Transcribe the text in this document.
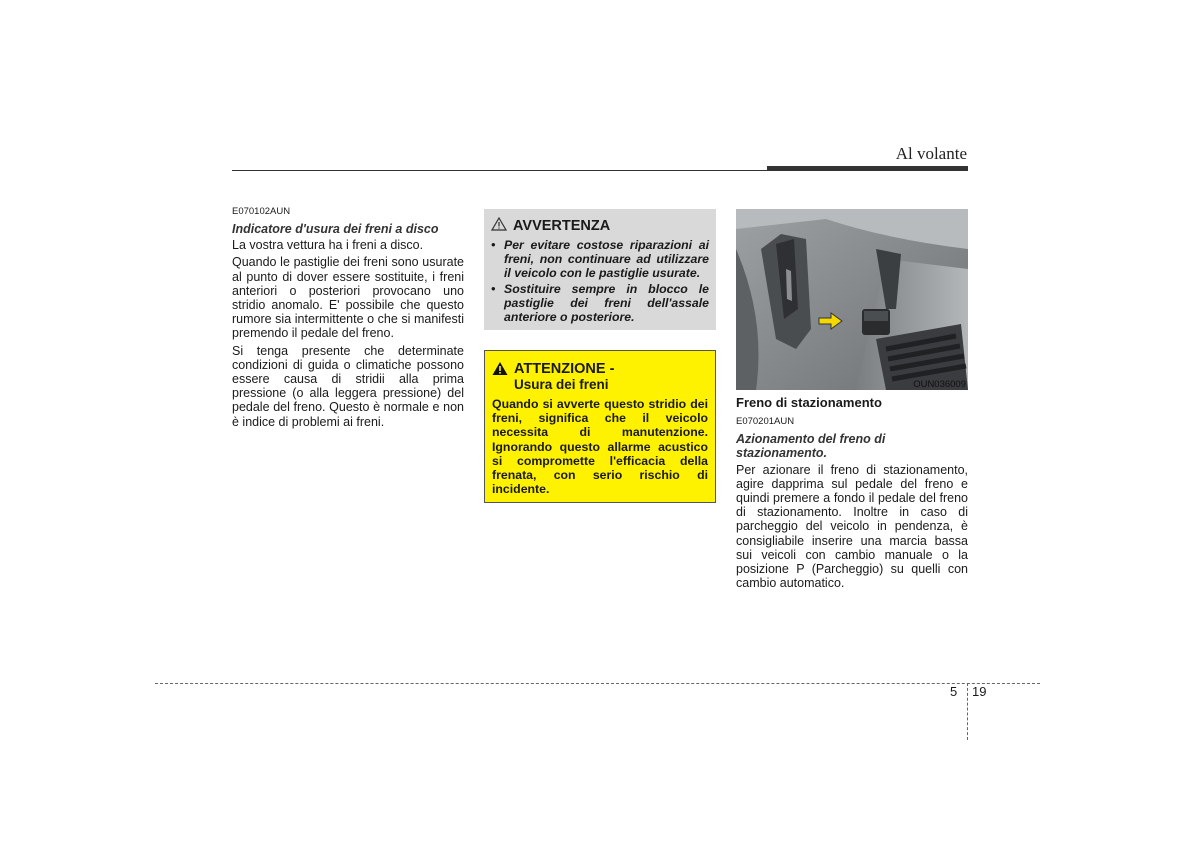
Al volante
E070102AUN
Indicatore d'usura dei freni a disco

La vostra vettura ha i freni a disco.

Quando le pastiglie dei freni sono usurate al punto di dover essere sostituite, i freni anteriori o posteriori provocano uno stridio anomalo. E' possibile che questo rumore sia intermittente o che si manifesti premendo il pedale del freno.

Si tenga presente che determinate condizioni di guida o climatiche possono essere causa di stridii alla prima pressione (o alla leggera pressione) del pedale del freno. Questo è normale e non è indice di problemi ai freni.

AVVERTENZA
• Per evitare costose riparazioni ai freni, non continuare ad utilizzare il veicolo con le pastiglie usurate.
• Sostituire sempre in blocco le pastiglie dei freni dell'assale anteriore o posteriore.
ATTENZIONE -
Usura dei freni
Quando si avverte questo stridio dei freni, significa che il veicolo necessita di manutenzione. Ignorando questo allarme acustico si compromette l'efficacia della frenata, con serio rischio di incidente.
OUN036009
Freno di stazionamento
E070201AUN
Azionamento del freno di stazionamento.

Per azionare il freno di stazionamento, agire dapprima sul pedale del freno e quindi premere a fondo il pedale del freno di stazionamento. Inoltre in caso di parcheggio del veicolo in pendenza, è consigliabile inserire una marcia bassa sui veicoli con cambio manuale o la posizione P (Parcheggio) su quelli con cambio automatico.

5 19
